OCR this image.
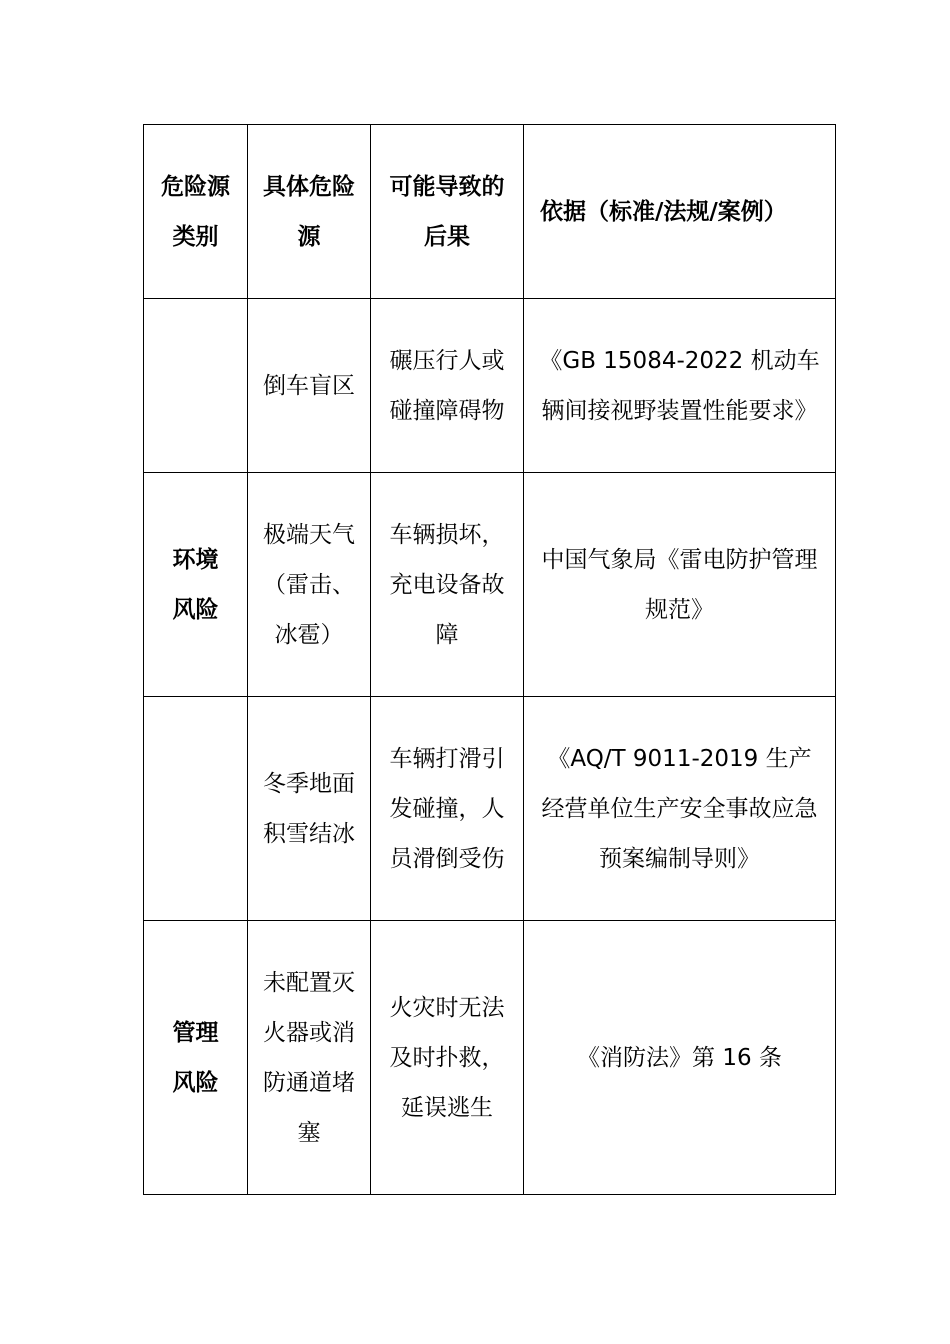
危险源类别	具体危险源	可能导致的后果	依据（标准/法规/案例）
	倒车盲区	碾压行人或碰撞障碍物	《GB 15084-2022 机动车辆间接视野装置性能要求》
环境风险	极端天气（雷击、冰雹）	车辆损坏，充电设备故障	中国气象局《雷电防护管理规范》
	冬季地面积雪结冰	车辆打滑引发碰撞，人员滑倒受伤	《AQ/T 9011-2019 生产经营单位生产安全事故应急预案编制导则》
管理风险	未配置灭火器或消防通道堵塞	火灾时无法及时扑救，延误逃生	《消防法》第 16 条
